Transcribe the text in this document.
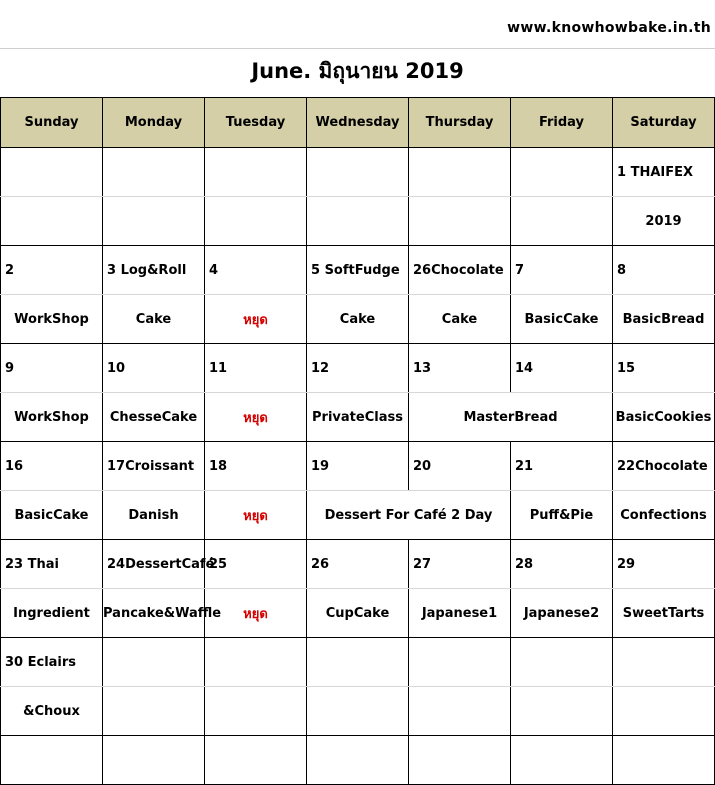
www.knowhowbake.in.th
June. มิถุนายน 2019
Sunday	Monday	Tuesday	Wednesday	Thursday	Friday	Saturday
						1 THAIFEX
						2019
2	3 Log&Roll	4	5 SoftFudge	26Chocolate	7	8
WorkShop	Cake	หยุด	Cake	Cake	BasicCake	BasicBread
9	10	11	12	13	14	15
WorkShop	ChesseCake	หยุด	PrivateClass	MasterBread		BasicCookies
16	17Croissant	18	19	20	21	22Chocolate
BasicCake	Danish	หยุด	Dessert For Café 2 Day		Puff&Pie	Confections
23 Thai	24DessertCafé	25	26	27	28	29
Ingredient	Pancake&Waffle	หยุด	CupCake	Japanese1	Japanese2	SweetTarts
30 Eclairs						
&Choux						
